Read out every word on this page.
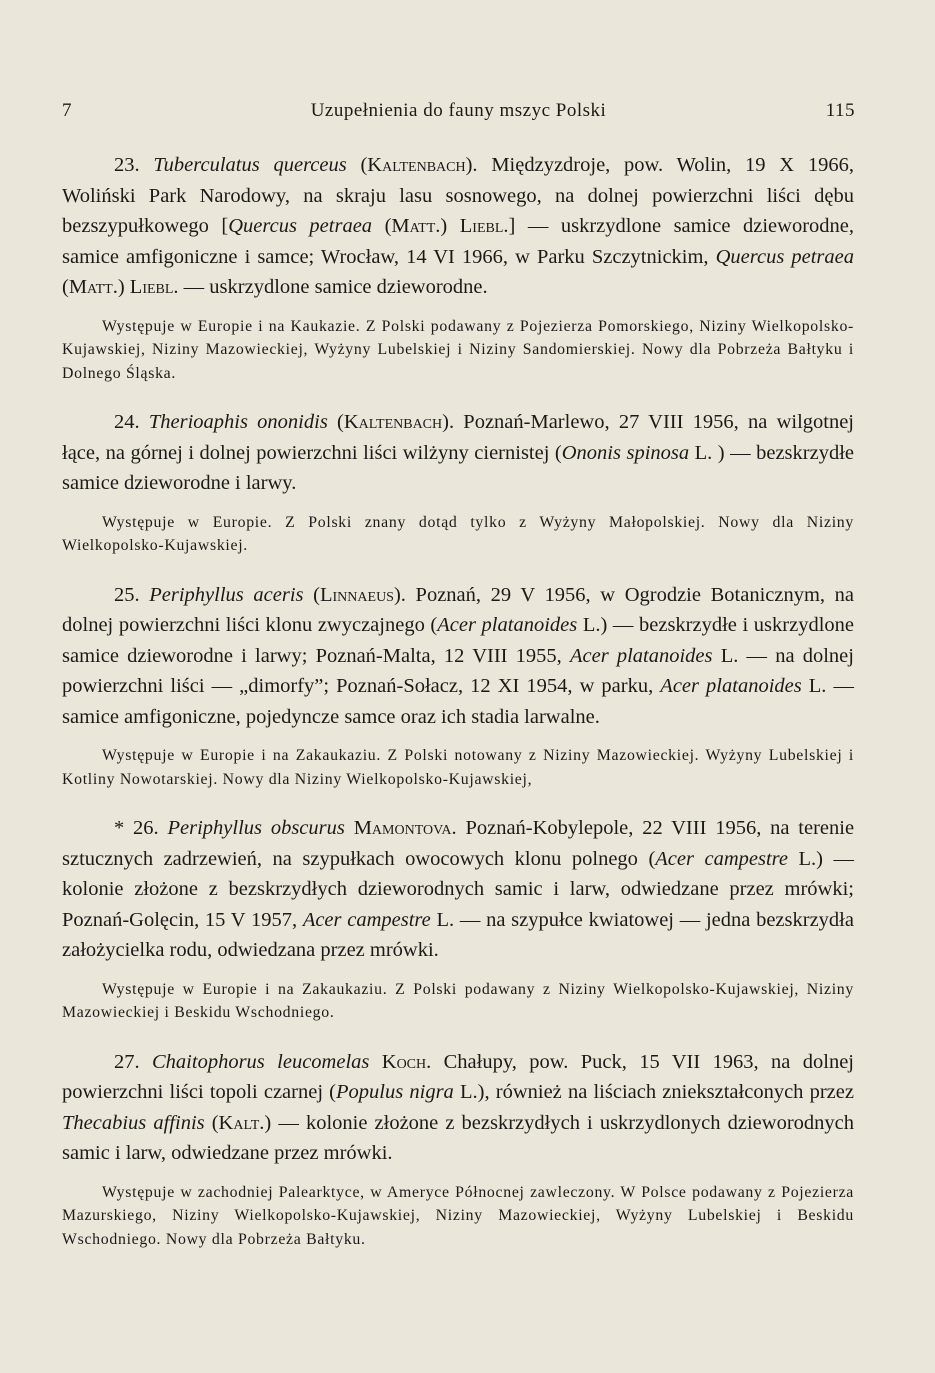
7	Uzupełnienia do fauny mszyc Polski	115

23. Tuberculatus querceus (Kaltenbach). Międzyzdroje, pow. Wolin, 19 X 1966, Woliński Park Narodowy, na skraju lasu sosnowego, na dolnej powierzchni liści dębu bezszypułkowego [Quercus petraea (Matt.) Liebl.] — uskrzydlone samice dzieworodne, samice amfigoniczne i samce; Wrocław, 14 VI 1966, w Parku Szczytnickim, Quercus petraea (Matt.) Liebl. — uskrzydlone samice dzieworodne.

Występuje w Europie i na Kaukazie. Z Polski podawany z Pojezierza Pomorskiego, Niziny Wielkopolsko-Kujawskiej, Niziny Mazowieckiej, Wyżyny Lubelskiej i Niziny Sandomierskiej. Nowy dla Pobrzeża Bałtyku i Dolnego Śląska.

24. Therioaphis ononidis (Kaltenbach). Poznań-Marlewo, 27 VIII 1956, na wilgotnej łące, na górnej i dolnej powierzchni liści wilżyny ciernistej (Ononis spinosa L. ) — bezskrzydłe samice dzieworodne i larwy.

Występuje w Europie. Z Polski znany dotąd tylko z Wyżyny Małopolskiej. Nowy dla Niziny Wielkopolsko-Kujawskiej.

25. Periphyllus aceris (Linnaeus). Poznań, 29 V 1956, w Ogrodzie Botanicznym, na dolnej powierzchni liści klonu zwyczajnego (Acer platanoides L.) — bezskrzydłe i uskrzydlone samice dzieworodne i larwy; Poznań-Malta, 12 VIII 1955, Acer platanoides L. — na dolnej powierzchni liści — „dimorfy”; Poznań-Sołacz, 12 XI 1954, w parku, Acer platanoides L. — samice amfigoniczne, pojedyncze samce oraz ich stadia larwalne.

Występuje w Europie i na Zakaukaziu. Z Polski notowany z Niziny Mazowieckiej. Wyżyny Lubelskiej i Kotliny Nowotarskiej. Nowy dla Niziny Wielkopolsko-Kujawskiej,

* 26. Periphyllus obscurus Mamontova. Poznań-Kobylepole, 22 VIII 1956, na terenie sztucznych zadrzewień, na szypułkach owocowych klonu polnego (Acer campestre L.) — kolonie złożone z bezskrzydłych dzieworodnych samic i larw, odwiedzane przez mrówki; Poznań-Golęcin, 15 V 1957, Acer campestre L. — na szypułce kwiatowej — jedna bezskrzydła założycielka rodu, odwiedzana przez mrówki.

Występuje w Europie i na Zakaukaziu. Z Polski podawany z Niziny Wielkopolsko-Kujawskiej, Niziny Mazowieckiej i Beskidu Wschodniego.

27. Chaitophorus leucomelas Koch. Chałupy, pow. Puck, 15 VII 1963, na dolnej powierzchni liści topoli czarnej (Populus nigra L.), również na liściach zniekształconych przez Thecabius affinis (Kalt.) — kolonie złożone z bezskrzydłych i uskrzydlonych dzieworodnych samic i larw, odwiedzane przez mrówki.

Występuje w zachodniej Palearktyce, w Ameryce Północnej zawleczony. W Polsce podawany z Pojezierza Mazurskiego, Niziny Wielkopolsko-Kujawskiej, Niziny Mazowieckiej, Wyżyny Lubelskiej i Beskidu Wschodniego. Nowy dla Pobrzeża Bałtyku.
